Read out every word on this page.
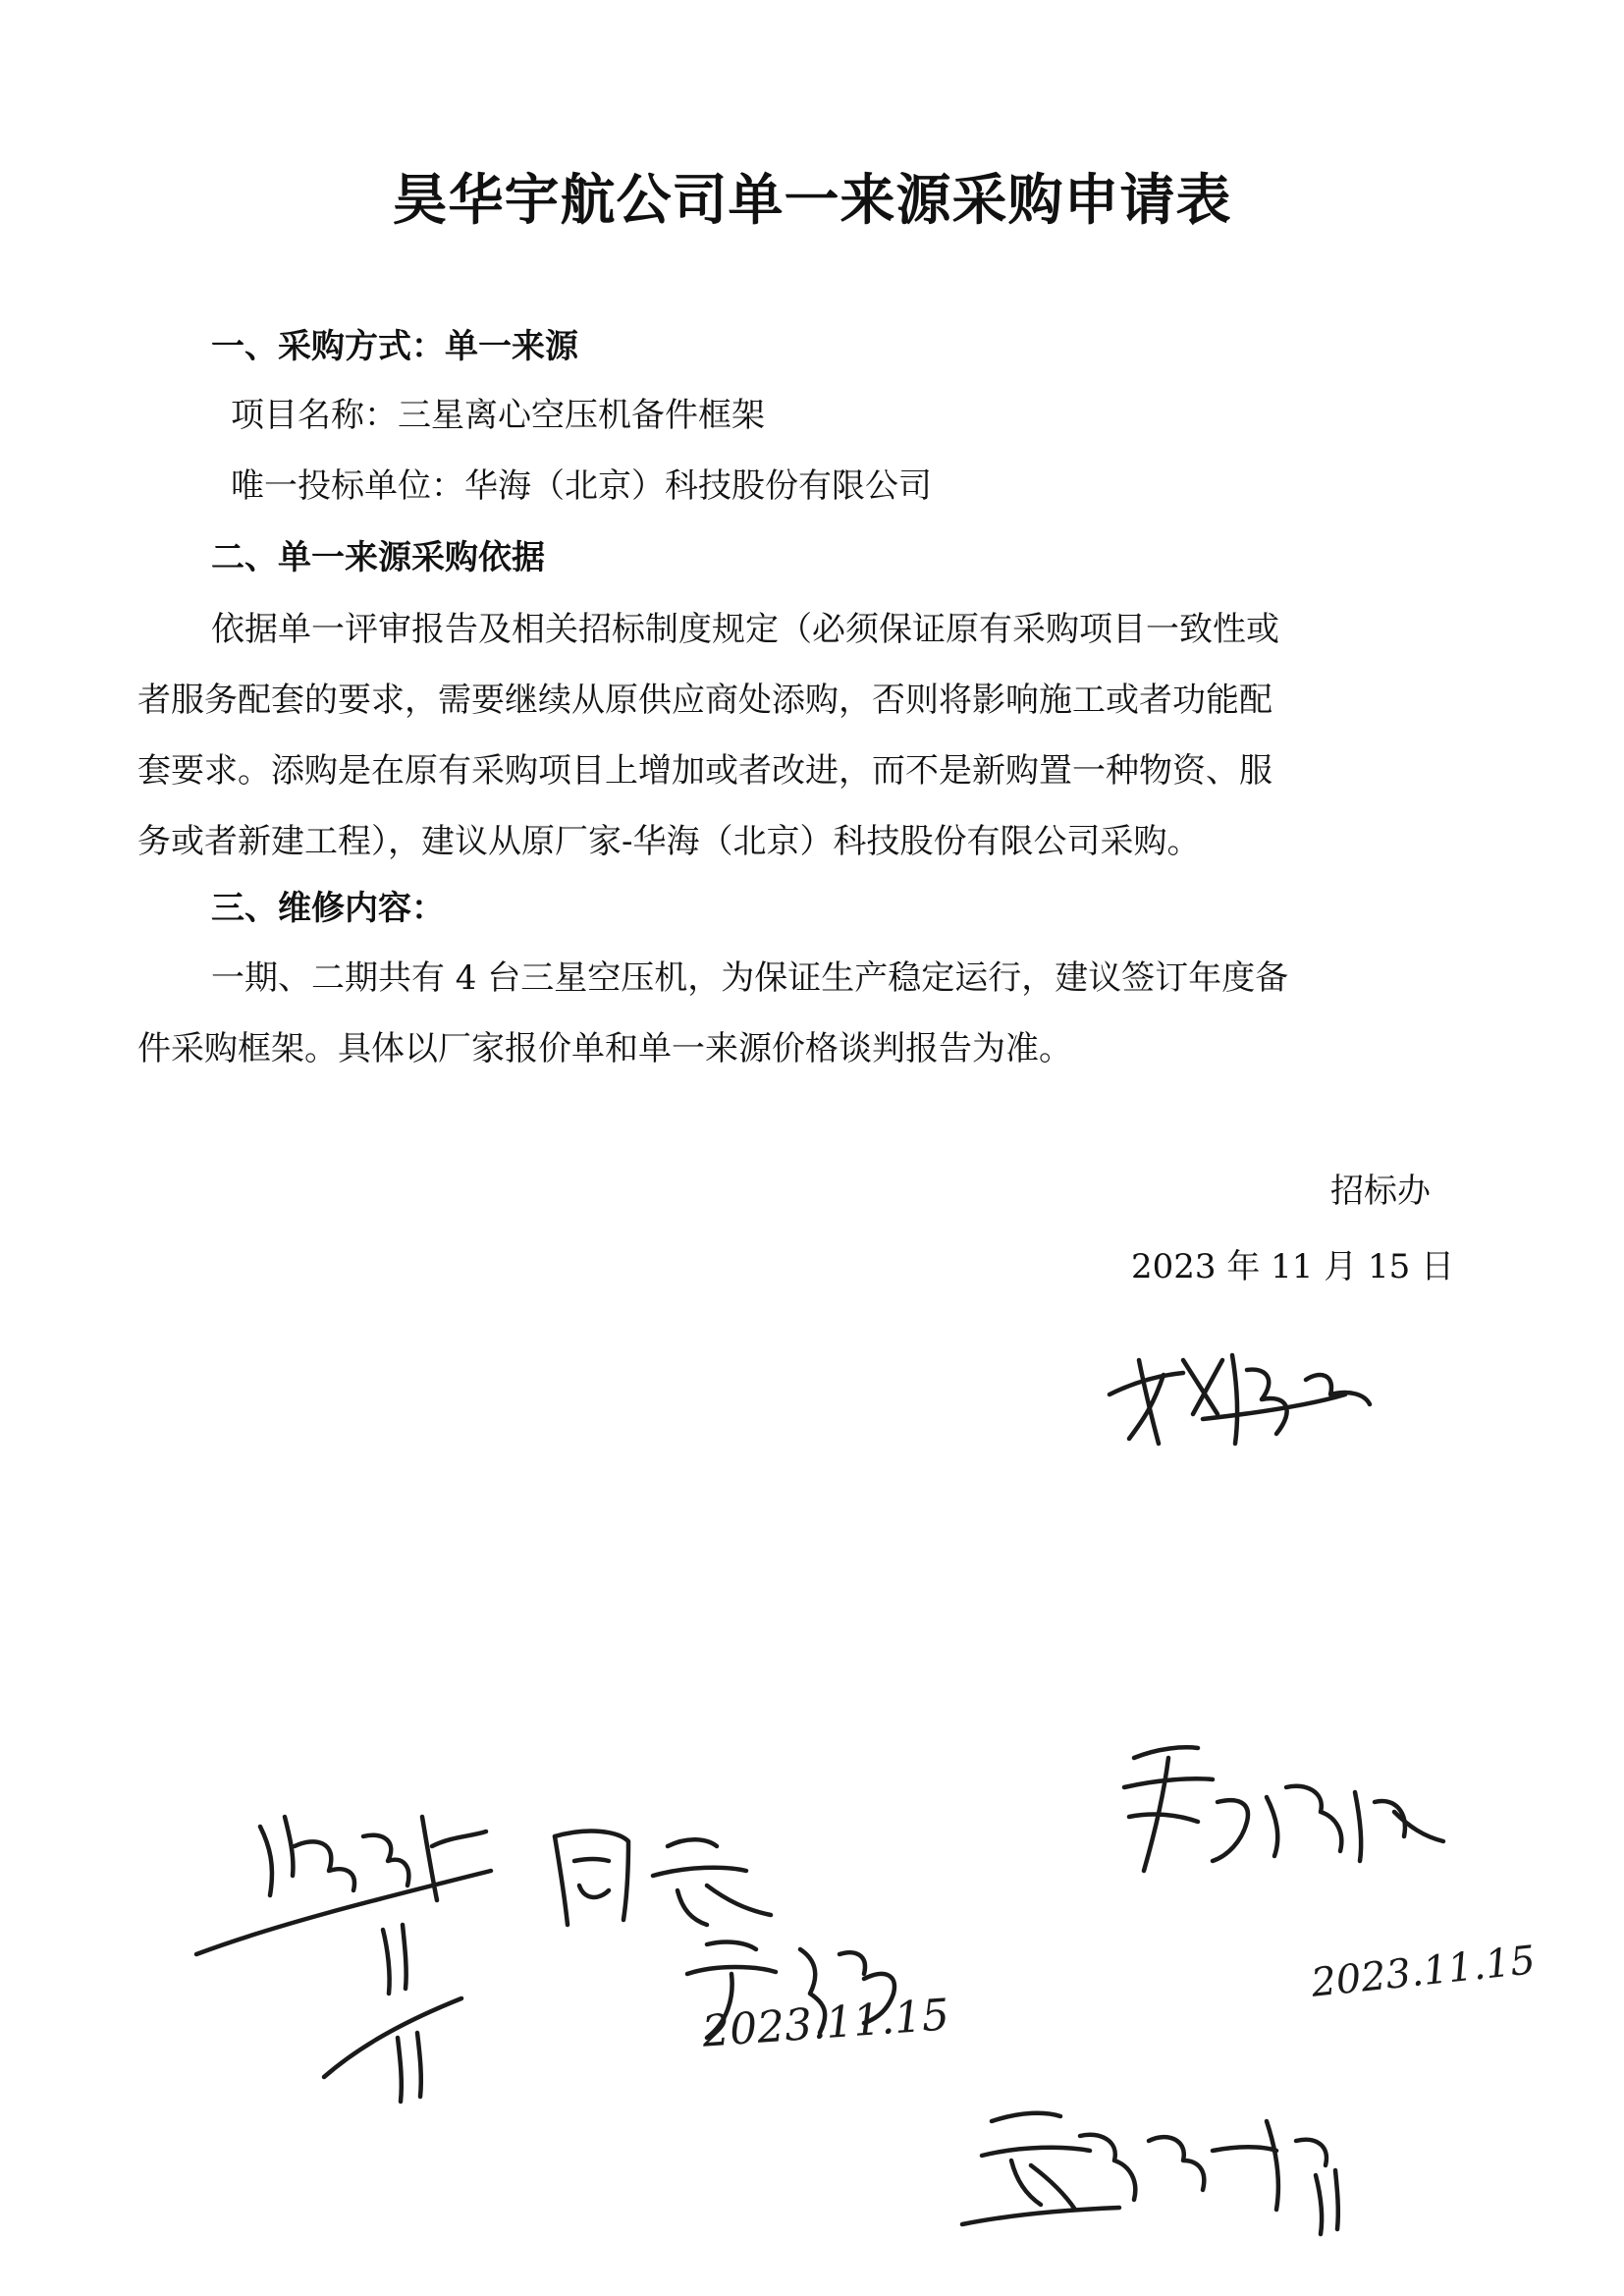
昊华宇航公司单一来源采购申请表
一、采购方式：单一来源
项目名称：三星离心空压机备件框架
唯一投标单位：华海（北京）科技股份有限公司
二、单一来源采购依据
依据单一评审报告及相关招标制度规定（必须保证原有采购项目一致性或
者服务配套的要求，需要继续从原供应商处添购，否则将影响施工或者功能配
套要求。添购是在原有采购项目上增加或者改进，而不是新购置一种物资、服
务或者新建工程），建议从原厂家-华海（北京）科技股份有限公司采购。
三、维修内容：
一期、二期共有 4 台三星空压机，为保证生产稳定运行，建议签订年度备
件采购框架。具体以厂家报价单和单一来源价格谈判报告为准。
招标办
2023 年 11 月 15 日
2023.11.15
2023.11.15
